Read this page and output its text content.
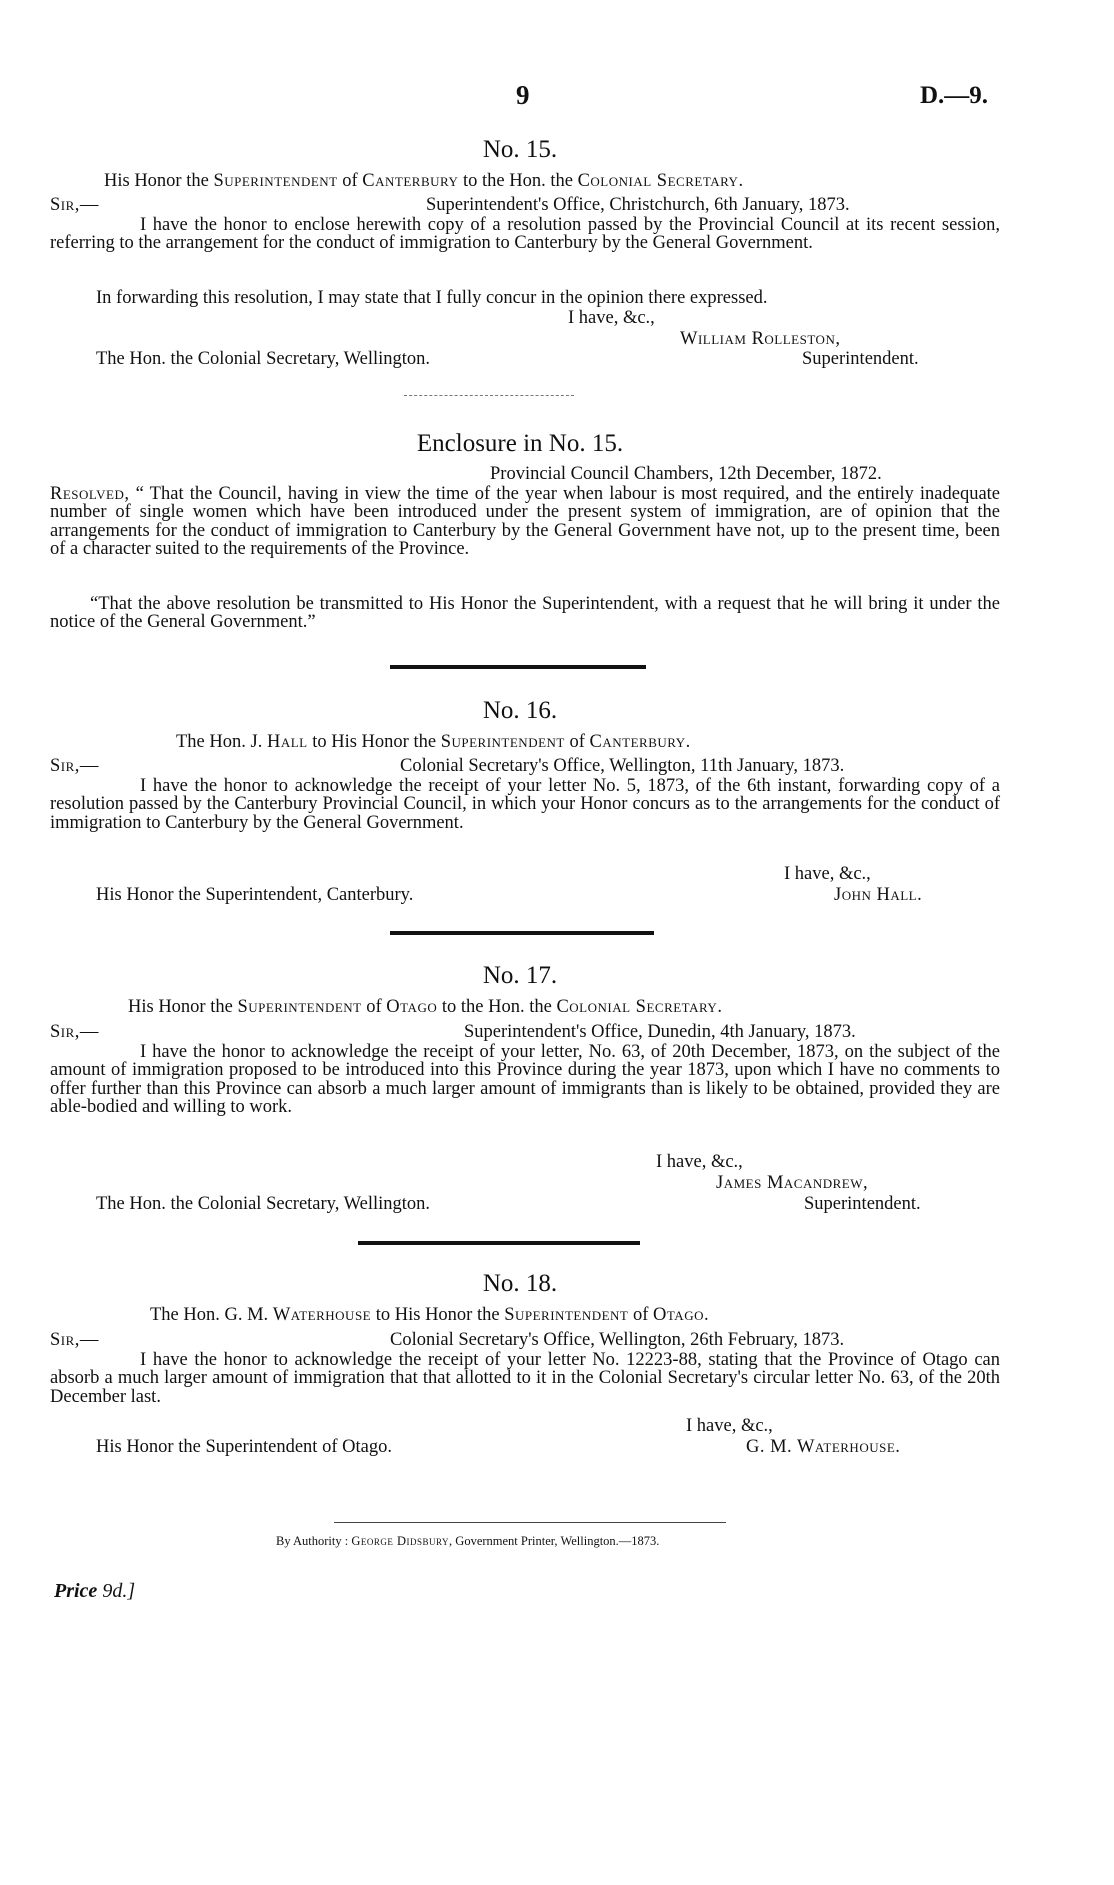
9	D.—9.
No. 15.
His Honor the Superintendent of Canterbury to the Hon. the Colonial Secretary.
Sir,—	Superintendent's Office, Christchurch, 6th January, 1873.
I have the honor to enclose herewith copy of a resolution passed by the Provincial Council at its recent session, referring to the arrangement for the conduct of immigration to Canterbury by the General Government.
In forwarding this resolution, I may state that I fully concur in the opinion there expressed.
I have, &c.,
William Rolleston,
The Hon. the Colonial Secretary, Wellington.	Superintendent.
Enclosure in No. 15.
Provincial Council Chambers, 12th December, 1872.
Resolved, “ That the Council, having in view the time of the year when labour is most required, and the entirely inadequate number of single women which have been introduced under the present system of immigration, are of opinion that the arrangements for the conduct of immigration to Canterbury by the General Government have not, up to the present time, been of a character suited to the requirements of the Province.
“That the above resolution be transmitted to His Honor the Superintendent, with a request that he will bring it under the notice of the General Government.”
No. 16.
The Hon. J. Hall to His Honor the Superintendent of Canterbury.
Sir,—	Colonial Secretary's Office, Wellington, 11th January, 1873.
I have the honor to acknowledge the receipt of your letter No. 5, 1873, of the 6th instant, forwarding copy of a resolution passed by the Canterbury Provincial Council, in which your Honor concurs as to the arrangements for the conduct of immigration to Canterbury by the General Government.
I have, &c.,
His Honor the Superintendent, Canterbury.	John Hall.
No. 17.
His Honor the Superintendent of Otago to the Hon. the Colonial Secretary.
Sir,—	Superintendent's Office, Dunedin, 4th January, 1873.
I have the honor to acknowledge the receipt of your letter, No. 63, of 20th December, 1873, on the subject of the amount of immigration proposed to be introduced into this Province during the year 1873, upon which I have no comments to offer further than this Province can absorb a much larger amount of immigrants than is likely to be obtained, provided they are able-bodied and willing to work.
I have, &c.,
James Macandrew,
The Hon. the Colonial Secretary, Wellington.	Superintendent.
No. 18.
The Hon. G. M. Waterhouse to His Honor the Superintendent of Otago.
Sir,—	Colonial Secretary's Office, Wellington, 26th February, 1873.
I have the honor to acknowledge the receipt of your letter No. 12223-88, stating that the Province of Otago can absorb a much larger amount of immigration that that allotted to it in the Colonial Secretary's circular letter No. 63, of the 20th December last.
I have, &c.,
His Honor the Superintendent of Otago.	G. M. Waterhouse.
By Authority : George Didsbury, Government Printer, Wellington.—1873.
Price 9d.]
